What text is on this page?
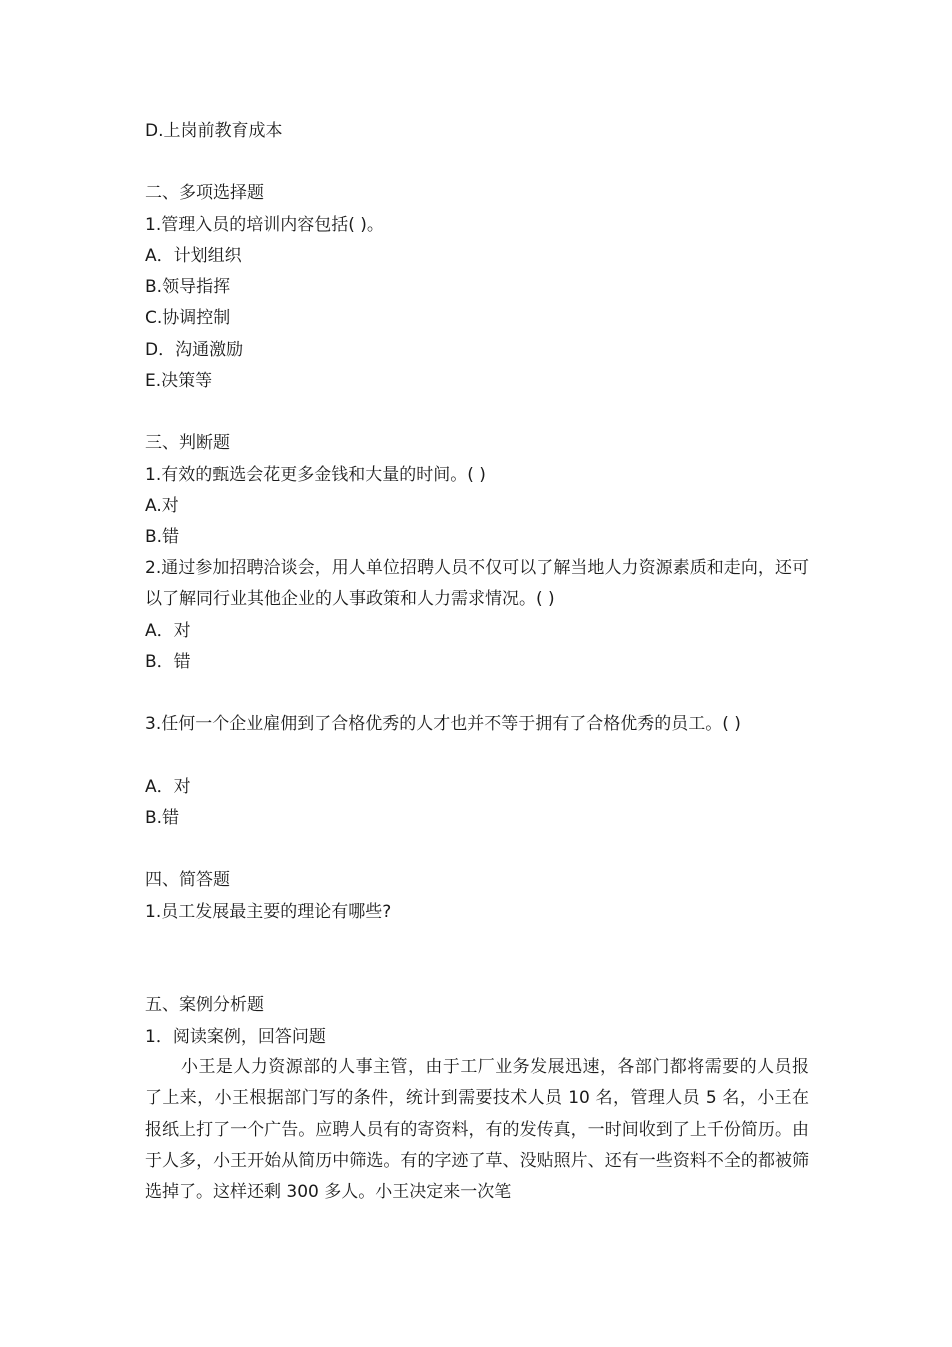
D.上岗前教育成本
二、多项选择题
1.管理入员的培训内容包括( )。
A．计划组织
B.领导指挥
C.协调控制
D．沟通激励
E.决策等
三、判断题
1.有效的甄选会花更多金钱和大量的时间。( )
A.对
B.错
2.通过参加招聘洽谈会，用人单位招聘人员不仅可以了解当地人力资源素质和走向，还可以了解同行业其他企业的人事政策和人力需求情况。( )
A．对
B．错
3.任何一个企业雇佣到了合格优秀的人才也并不等于拥有了合格优秀的员工。( )
A．对
B.错
四、简答题
1.员工发展最主要的理论有哪些?
五、案例分析题
1．阅读案例，回答问题
小王是人力资源部的人事主管，由于工厂业务发展迅速，各部门都将需要的人员报了上来，小王根据部门写的条件，统计到需要技术人员 10 名，管理人员 5 名，小王在报纸上打了一个广告。应聘人员有的寄资料，有的发传真，一时间收到了上千份简历。由于人多，小王开始从简历中筛选。有的字迹了草、没贴照片、还有一些资料不全的都被筛选掉了。这样还剩 300 多人。小王决定来一次笔
